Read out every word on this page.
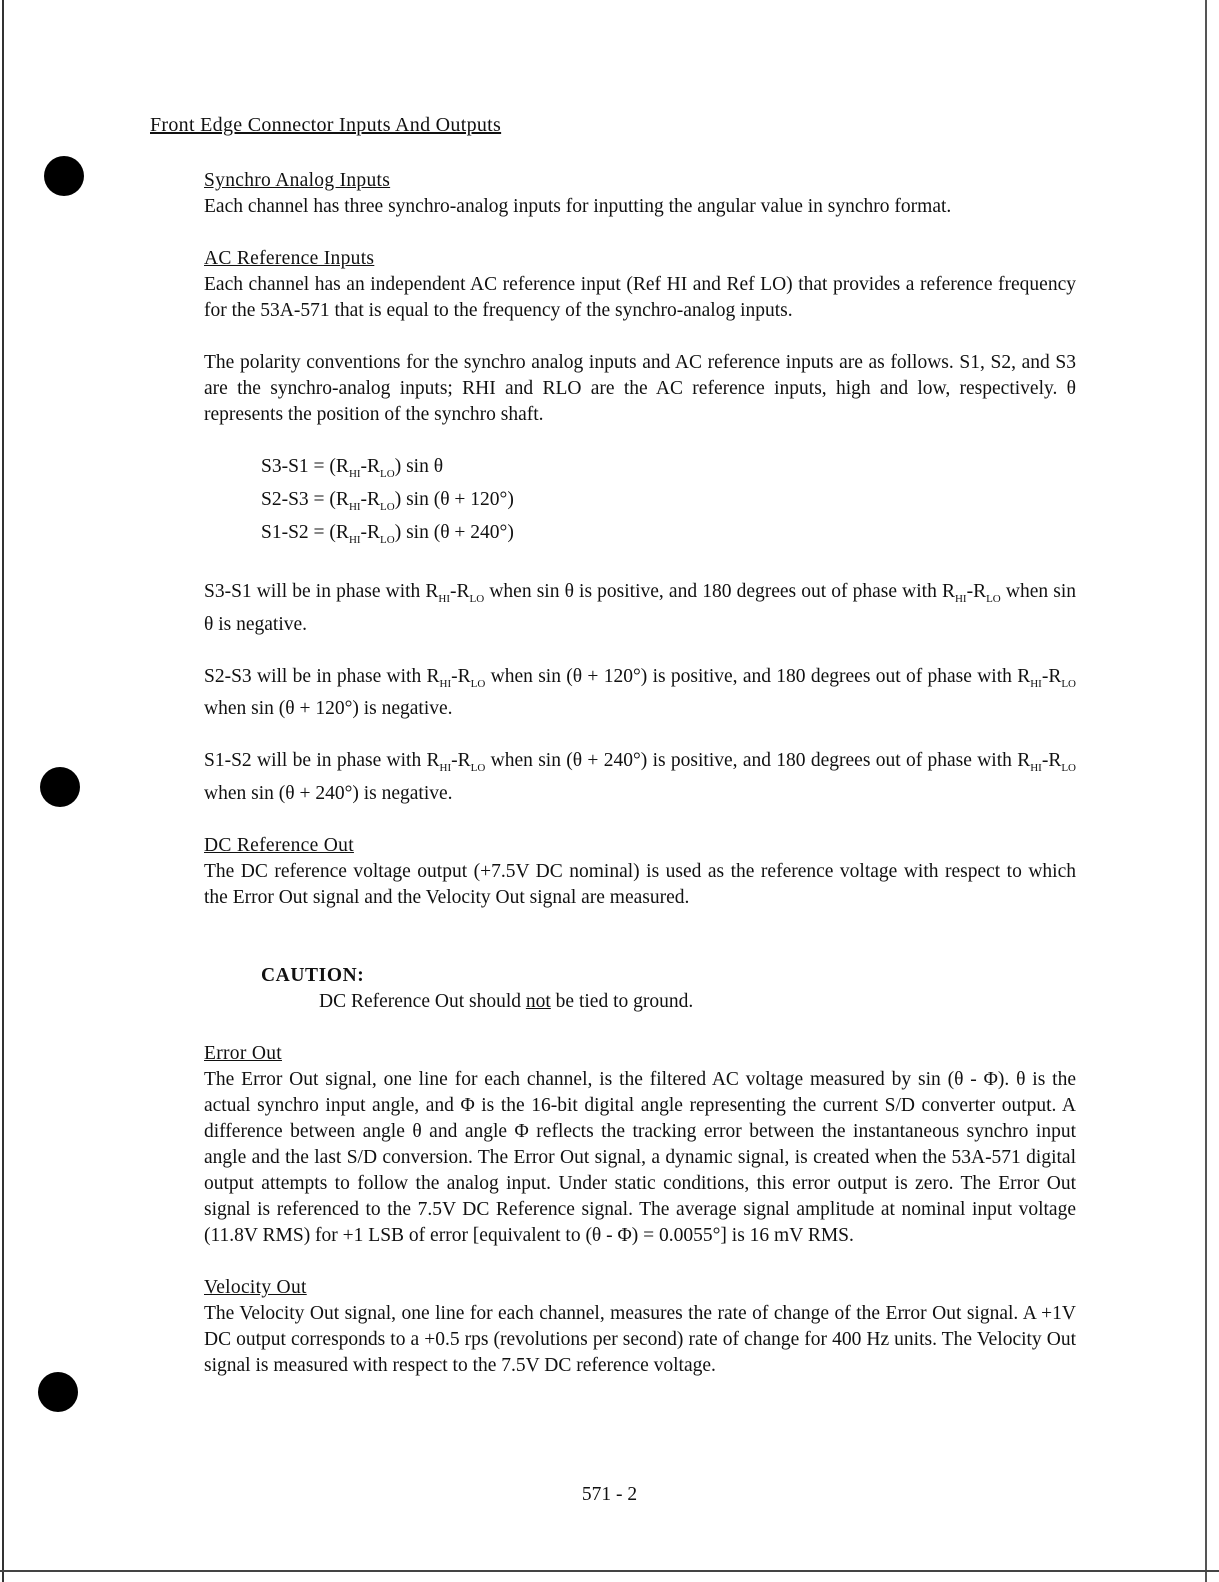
Front Edge Connector Inputs And Outputs
Synchro Analog Inputs

Each channel has three synchro-analog inputs for inputting the angular value in synchro format.

AC Reference Inputs

Each channel has an independent AC reference input (Ref HI and Ref LO) that provides a reference frequency for the 53A-571 that is equal to the frequency of the synchro-analog inputs.

The polarity conventions for the synchro analog inputs and AC reference inputs are as follows. S1, S2, and S3 are the synchro-analog inputs; RHI and RLO are the AC reference inputs, high and low, respectively. θ represents the position of the synchro shaft.

$S3-S1 = (R_{HI}-R_{LO})$ sin θ
$S2-S3 = (R_{HI}-R_{LO})$ sin (θ + 120°)
$S1-S2 = (R_{HI}-R_{LO})$ sin (θ + 240°)

S3-S1 will be in phase with $R_{HI}-R_{LO}$ when sin θ is positive, and 180 degrees out of phase with $R_{HI}-R_{LO}$ when sin θ is negative.

S2-S3 will be in phase with $R_{HI}-R_{LO}$ when sin (θ + 120°) is positive, and 180 degrees out of phase with $R_{HI}-R_{LO}$ when sin (θ + 120°) is negative.

S1-S2 will be in phase with $R_{HI}-R_{LO}$ when sin (θ + 240°) is positive, and 180 degrees out of phase with $R_{HI}-R_{LO}$ when sin (θ + 240°) is negative.

DC Reference Out

The DC reference voltage output (+7.5V DC nominal) is used as the reference voltage with respect to which the Error Out signal and the Velocity Out signal are measured.

CAUTION:
DC Reference Out should not be tied to ground.
Error Out

The Error Out signal, one line for each channel, is the filtered AC voltage measured by sin (θ - Φ). θ is the actual synchro input angle, and Φ is the 16-bit digital angle representing the current S/D converter output. A difference between angle θ and angle Φ reflects the tracking error between the instantaneous synchro input angle and the last S/D conversion. The Error Out signal, a dynamic signal, is created when the 53A-571 digital output attempts to follow the analog input. Under static conditions, this error output is zero. The Error Out signal is referenced to the 7.5V DC Reference signal. The average signal amplitude at nominal input voltage (11.8V RMS) for +1 LSB of error [equivalent to (θ - Φ) = 0.0055°] is 16 mV RMS.

Velocity Out

The Velocity Out signal, one line for each channel, measures the rate of change of the Error Out signal. A +1V DC output corresponds to a +0.5 rps (revolutions per second) rate of change for 400 Hz units. The Velocity Out signal is measured with respect to the 7.5V DC reference voltage.

571 - 2
